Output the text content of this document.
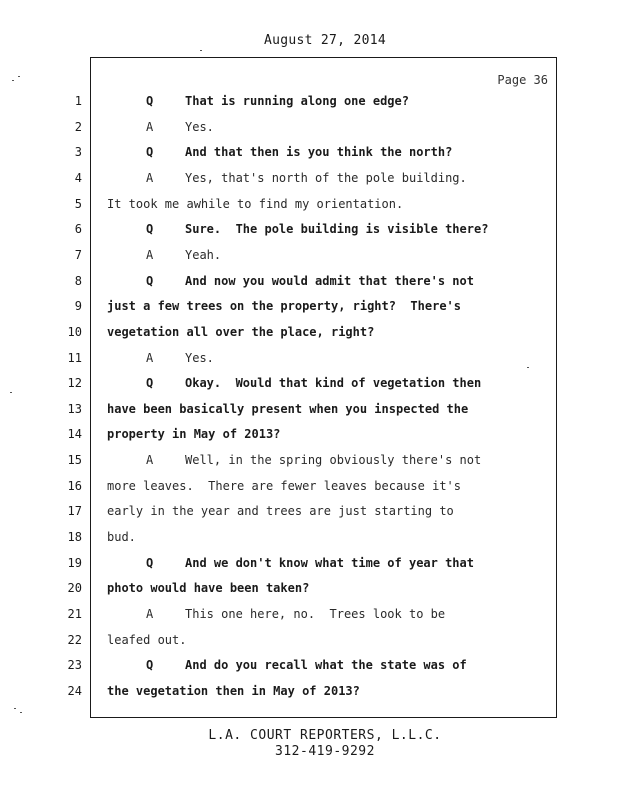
August 27, 2014
Page 36
1	Q	That is running along one edge?
2	A	Yes.
3	Q	And that then is you think the north?
4	A	Yes, that's north of the pole building.
5 It took me awhile to find my orientation.
6	Q	Sure.  The pole building is visible there?
7	A	Yeah.
8	Q	And now you would admit that there's not
9 just a few trees on the property, right?  There's
10 vegetation all over the place, right?
11	A	Yes.
12	Q	Okay.  Would that kind of vegetation then
13 have been basically present when you inspected the
14 property in May of 2013?
15	A	Well, in the spring obviously there's not
16 more leaves.  There are fewer leaves because it's
17 early in the year and trees are just starting to
18 bud.
19	Q	And we don't know what time of year that
20 photo would have been taken?
21	A	This one here, no.  Trees look to be
22 leafed out.
23	Q	And do you recall what the state was of
24 the vegetation then in May of 2013?
L.A. COURT REPORTERS, L.L.C.
312-419-9292
